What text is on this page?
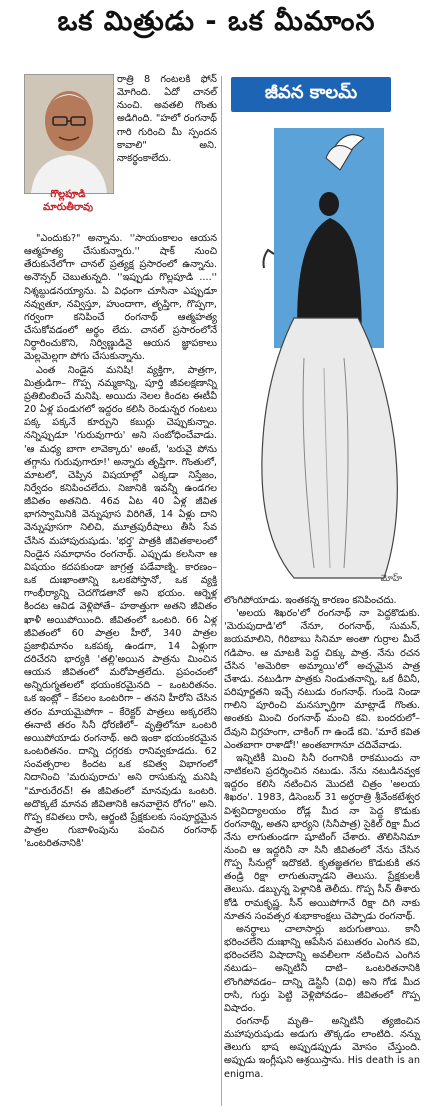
ఒక మిత్రుడు - ఒక మీమాంస
గొల్లపూడి మారుతీరావు

రాత్రి 8 గంటలకి ఫోన్ మోగింది. ఏదో చానల్ నుంచి. అవతలి గొంతు అడిగింది. "హలో రంగనాథ్ గారి గురించి మీ స్పందన కావాలి" అని. నాకర్థంకాలేదు.

"ఎందుకు?" అన్నాను. ''సాయంకాలం ఆయన ఆత్మహత్య చేసుకున్నారు.'' షాక్ నుంచి తేరుకునేలోగా చానల్ ప్రత్యక్ష ప్రసారంలో ఉన్నాను. అనౌన్సర్ చెబుతున్నది. ''ఇప్పుడు గొల్లపూడి ....'' నిశ్శబ్దుడనయ్యాను. ఏ విధంగా చూసినా ఎప్పుడూ నవ్వుతూ, నవ్విస్తూ, హుందాగా, తృప్తిగా, గొప్పగా, గర్వంగా కనిపించే రంగనాథ్ ఆత్మహత్య చేసుకోవడంలో అర్థం లేదు. చానల్ ప్రసారంలోనే నిర్ధారించుకొని, నిర్విణ్ణుడినై ఆయన జ్ఞాపకాలు మెల్లమెల్లగా పోగు చేసుకున్నాను.

ఎంత నిండైన మనిషి! వ్యక్తిగా, పాత్రగా, మిత్రుడిగా– గొప్ప నమ్మకాన్ని, పూర్తి జీవలక్షణాన్ని ప్రతిబింబించే మనిషి. అయిదు నెలల కిందట ఈటీవీ 20 ఏళ్ల పండుగలో ఇద్దరం కలిసి రెండున్నర గంటలు పక్క పక్కనే కూర్చుని కబుర్లు చెప్పుకున్నాం. నన్నిప్పుడూ 'గురువుగారు' అని సంబోధించేవాడు. 'ఆ మధ్య బాగా లావెక్కారు' అంటే, 'బరువై పోను తగ్గాను గురువుగారూ!' అన్నారు తృప్తిగా. గొంతులో, మాటలో, చెప్పిన విషయాల్లో ఎక్కడా నిస్తేజం, నిర్వేదం కనిపించలేదు. నిజానికి ఇవన్నీ ఉండగల జీవితం అతనిది. 46వ ఏట 40 ఏళ్ల జీవిత భాగస్వామినికి వెన్నుపూస విరిగితే, 14 ఏళ్లు దాని వెన్నుపూసగా నిలిచి, మూత్రపురీషాలు తీసి సేవ చేసిన మహాపురుషుడు. 'భర్త' పాత్రకి జీవితకాలంలో నిండైన సమాధానం రంగనాథ్. ఎప్పుడు కలసినా ఆ విషయం కదపకుండా జాగ్రత్త పడేవాణ్ని. కారణం– ఒక దుఃఖాంతాన్ని ఒలకపోస్తానో, ఒక వ్యక్తి గాంభీర్యాన్ని చెదగొడతానో అని భయం. ఆర్నెళ్ల కిందట ఆవిడ వెళ్లిపోతే– హఠాత్తుగా అతని జీవితం ఖాళీ అయిపోయింది. జీవితంలో ఒంటరి. 66 ఏళ్ల జీవితంలో 60 పాత్రల హీరో, 340 పాత్రల ప్రజాభిమానం ఒకపక్క ఉండగా, 14 ఏళ్లుగా దరిచేరని భార్యకి 'తల్లి'అయిన పాత్రను మించిన ఆయన జీవితంలో మరోపాత్రలేదు. ప్రపంచంలో అన్నిరుగ్మతలలో భయంకరమైనది – ఒంటరితనం. ఒక ఇంట్లో – కేవలం ఒంటరిగా – తనని హీరోని చేసిన తరం మాయమైపోగా – కేరెక్టర్ పాత్రలు అక్కరలేని ఈనాటి తరం సినీ ధోరణిలో– వృత్తిలోనూ ఒంటరి అయిపోయాడు రంగనాథ్. అది ఇంకా భయంకరమైన ఒంటరితనం. దాన్ని దగ్గరకు రానివ్వకూడదు. 62 సంవత్సరాల కిందట ఒక కవిత్వ విభాగంలో నిదానించి 'మరుపురాదు' అని రాసుకున్న మనిషి "మారురేరచ్! ఈ జీవితంలో మానవుడు ఒంటరి. అదొక్కటే మానవ జీవితానికి ఆనవాలైన రోగం" అని. గొప్ప కవితలు రాసి, ఆర్జంటి ప్రేక్షకులకు సంపూర్ణమైన పాత్రల గుబాళింపును పంచిన రంగనాథ్ 'ఒంటరితనానికి'

జీవన కాలమ్
మోహ్

లొంగిపోయాడు. ఇంతకన్న కారణం కనిపించదు.

'అలయ శిఖరం'లో రంగనాథ్ నా పెద్దకొడుకు. 'మెరుపుదాడి'లో నేనూ, రంగనాథ్, సుమన్, జయమాలిని, గిరిబాబు సినిమా అంతా గుర్రాల మీదే గడిపాం. ఆ మాటకి పెద్ద చిక్కు పాత్ర. నేను రచన చేసిన 'అమెరికా అమ్మాయి'లో అచ్చమైన పాత్ర చేశాడు. నటుడిగా పాత్రకు నిండుతనాన్ని, ఒక ఠీవినీ, పరిపూర్ణతని ఇచ్చే నటుడు రంగనాథ్. గుండె నిండా గాలిని పూరించి మనస్ఫూర్తిగా మాట్లాడే గొంతు. అంతకు మించి రంగనాథ్ మంచి కవి. బందరులో–దేవుని విగ్రహంగా, చాకింగ్ గా ఉండే కవి. 'మారే కవిత ఎంతబాగా రాశాడో!' అంతబాగానూ చదివేవాడు.

ఇన్నిటికీ మించి సినీ రంగానికి రాకముందు నా నాటికలని ప్రదర్శించిన నటుడు. నేను నటుడినవ్వక ఇద్దరం కలిసి నటించిన మొదటి చిత్రం 'అలయ శిఖరం'. 1983, డిసెంబర్ 31 అర్ధరాత్రి శ్రీవేంకటేశ్వర విశ్వవిద్యాలయం రోడ్ల మీద నా పెద్ద కొడుకు రంగనాథ్ని, అతని భార్యని (సినీపాత్ర) సైకిల్ రిక్షా మీద నేను లాగుతుండగా షూటింగ్ చేశారు. తొలిసినిమా నుంచి ఆ ఇద్దరినీ నా సినీ జీవితంలో నేను చేసిన గొప్ప సీనుల్లో ఇదొకటి. కృతజ్ఞతగల కొడుకుకి తన తండ్రి రిక్షా లాగుతున్నాడని తెలుసు. ప్రేక్షకులకీ తెలుసు. డబ్బున్న పెళ్లానికి తెలీదు. గొప్ప సీన్ తీశారు కోడి రామకృష్ణ. సీన్ అయిపోగానే రిక్షా దిగి నాకు నూతన సంవత్సర శుభాకాంక్షలు చెప్పాడు రంగనాథ్.

అనర్థాలు చాలాసార్లు జరుగుతాయి. కానీ భరించలేని దుఃఖాన్ని ఆపేసిన పటుతరం ఎంగిన కవి, భరించలేని విషాదాన్ని అవలీలగా నటించిన ఎంగిన నటుడు– అన్నిటినీ దాటి– ఒంటరితనానికి లొంగిపోవడం– దాన్ని డెస్టినీ (విధి) అని గోడ మీద రాసి, గుర్తు పెట్టి వెళ్లిపోవడం– జీవితంలో గొప్ప విషాదం.

రంగనాథ్ మృతి– అన్నిటినీ త్యజించిన మహాపురుషుడు అడుగు తొక్కడం లాంటిది. నన్ను తెలుగు భాష అప్పుడప్పుడు మోసం చేస్తుంది. అప్పుడు ఇంగ్లీషుని ఆశ్రయిస్తాను. His death is an enigma.
